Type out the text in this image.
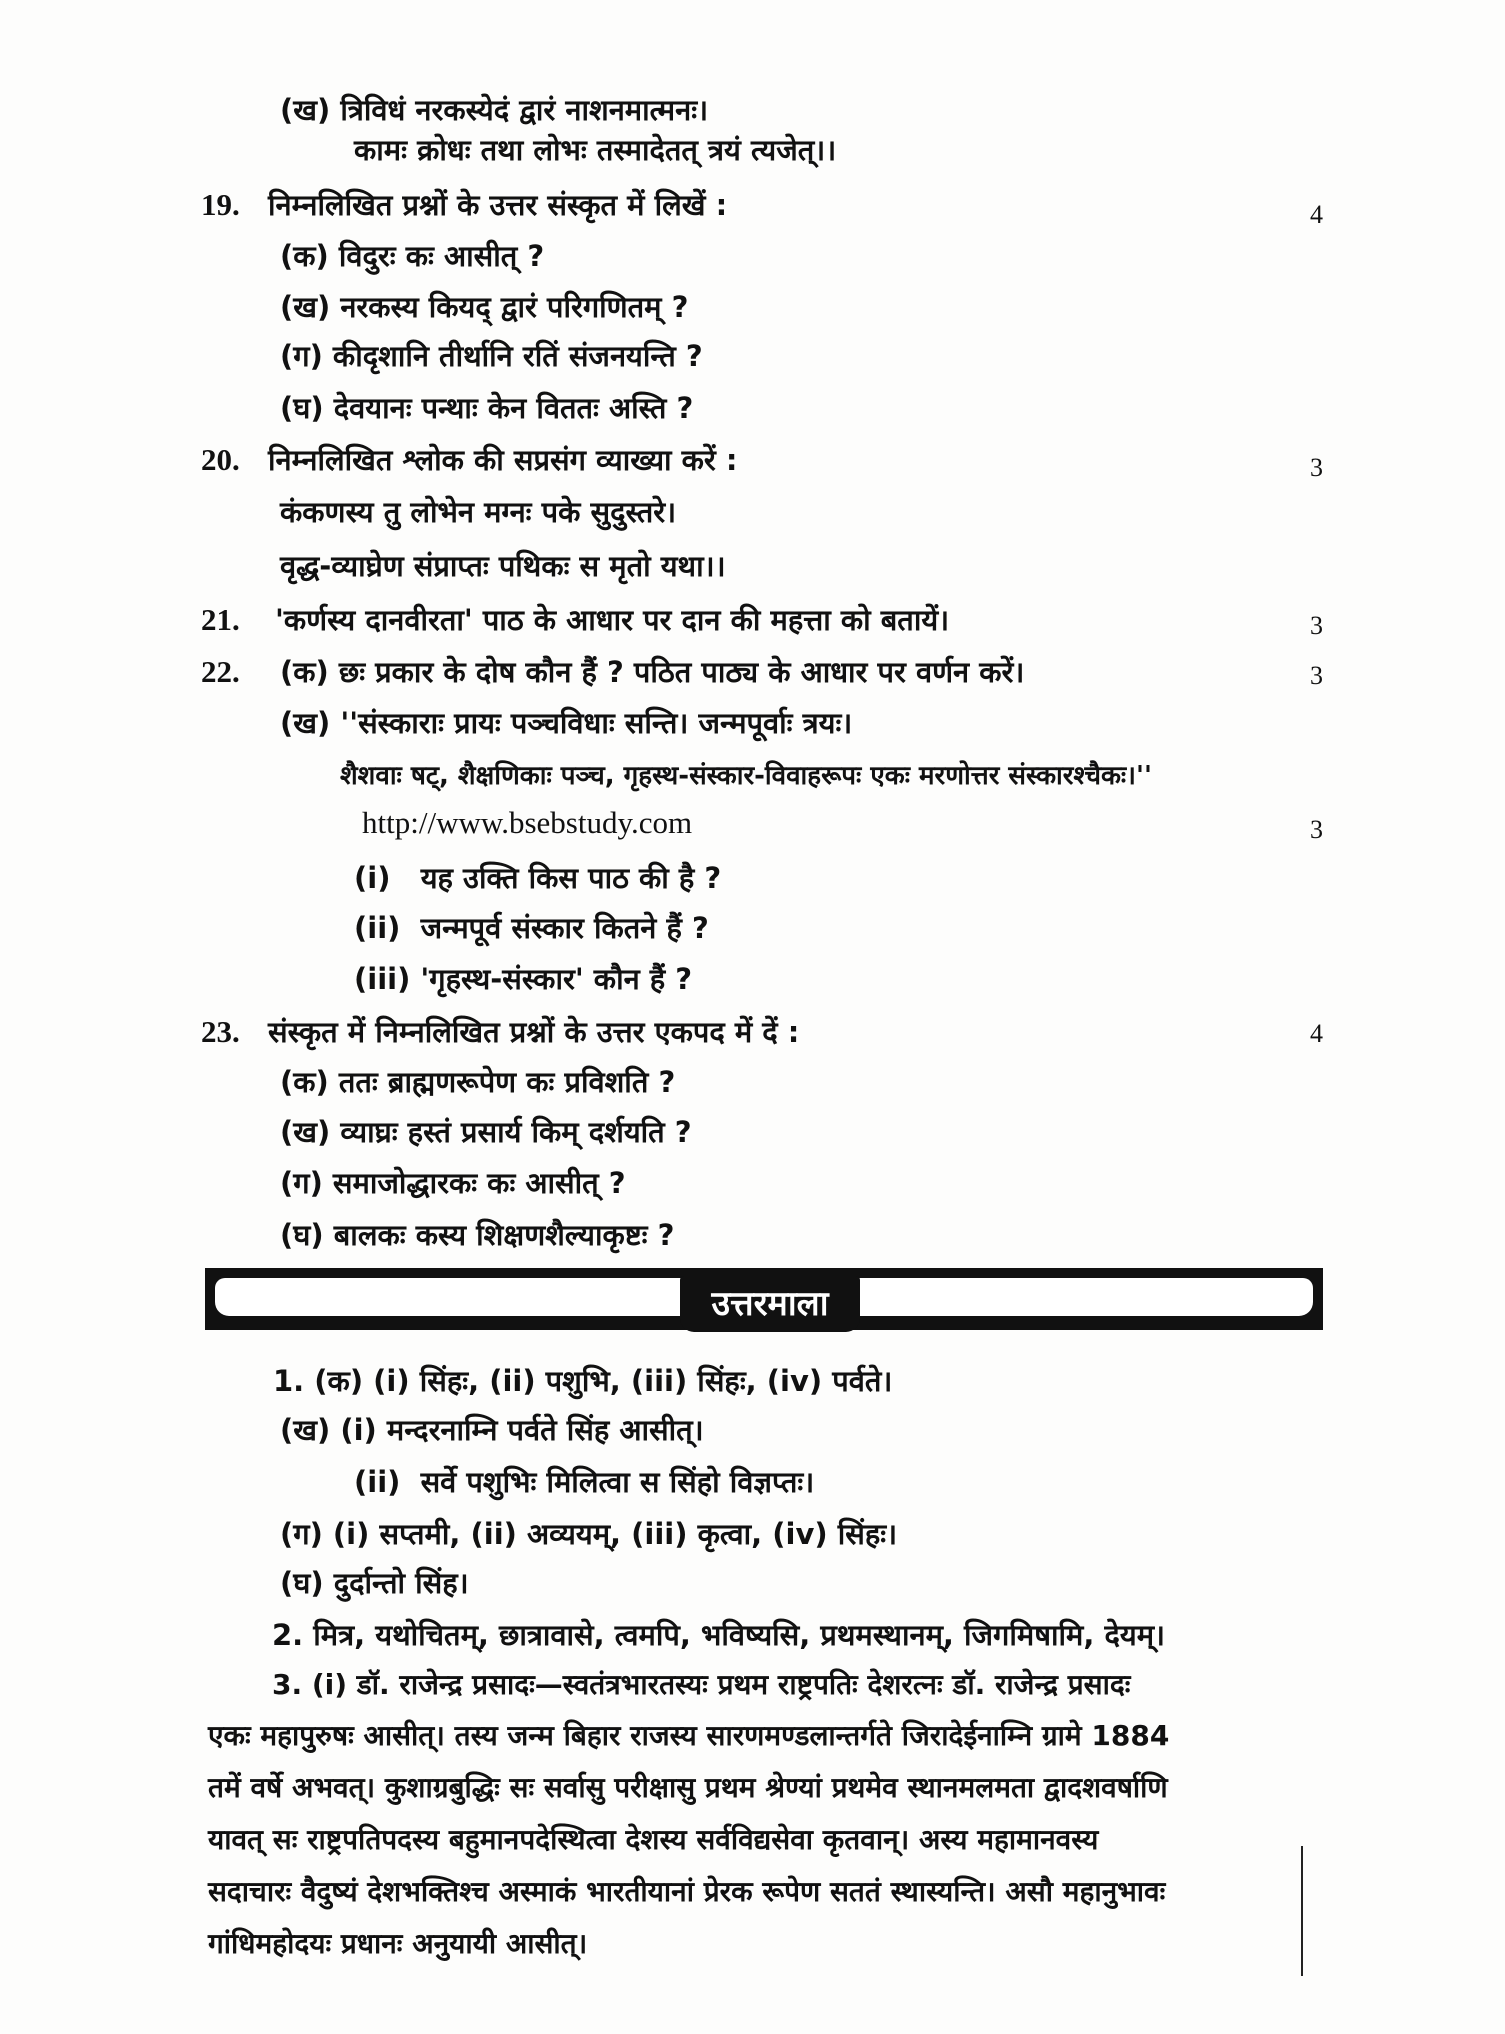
(ख) त्रिविधं नरकस्येदं द्वारं नाशनमात्मनः।
कामः क्रोधः तथा लोभः तस्मादेतत् त्रयं त्यजेत्।।
19. निम्नलिखित प्रश्नों के उत्तर संस्कृत में लिखें :	4
(क) विदुरः कः आसीत् ?
(ख) नरकस्य कियद् द्वारं परिगणितम् ?
(ग) कीदृशानि तीर्थानि रतिं संजनयन्ति ?
(घ) देवयानः पन्थाः केन विततः अस्ति ?
20. निम्नलिखित श्लोक की सप्रसंग व्याख्या करें :	3
कंकणस्य तु लोभेन मग्नः पके सुदुस्तरे।
वृद्ध-व्याघ्रेण संप्राप्तः पथिकः स मृतो यथा।।
21. 'कर्णस्य दानवीरता' पाठ के आधार पर दान की महत्ता को बतायें।	3
22. (क) छः प्रकार के दोष कौन हैं ? पठित पाठ्य के आधार पर वर्णन करें।	3
(ख) ''संस्काराः प्रायः पञ्चविधाः सन्ति। जन्मपूर्वाः त्रयः।
शैशवाः षट्, शैक्षणिकाः पञ्च, गृहस्थ-संस्कार-विवाहरूपः एकः मरणोत्तर संस्कारश्चैकः।''
http://www.bsebstudy.com	3
(i)   यह उक्ति किस पाठ की है ?
(ii)  जन्मपूर्व संस्कार कितने हैं ?
(iii) 'गृहस्थ-संस्कार' कौन हैं ?
23. संस्कृत में निम्नलिखित प्रश्नों के उत्तर एकपद में दें :	4
(क) ततः ब्राह्मणरूपेण कः प्रविशति ?
(ख) व्याघ्रः हस्तं प्रसार्य किम् दर्शयति ?
(ग) समाजोद्धारकः कः आसीत् ?
(घ) बालकः कस्य शिक्षणशैल्याकृष्टः ?
उत्तरमाला
1. (क) (i) सिंहः, (ii) पशुभि, (iii) सिंहः, (iv) पर्वते।
(ख) (i) मन्दरनाम्नि पर्वते सिंह आसीत्।
(ii)  सर्वे पशुभिः मिलित्वा स सिंहो विज्ञप्तः।
(ग) (i) सप्तमी, (ii) अव्ययम्, (iii) कृत्वा, (iv) सिंहः।
(घ) दुर्दान्तो सिंह।
2. मित्र, यथोचितम्, छात्रावासे, त्वमपि, भविष्यसि, प्रथमस्थानम्, जिगमिषामि, देयम्।
3. (i) डॉ. राजेन्द्र प्रसादः—स्वतंत्रभारतस्यः प्रथम राष्ट्रपतिः देशरत्नः डॉ. राजेन्द्र प्रसादः
एकः महापुरुषः आसीत्। तस्य जन्म बिहार राजस्य सारणमण्डलान्तर्गते जिरादेईनाम्नि ग्रामे 1884
तमें वर्षे अभवत्। कुशाग्रबुद्धिः सः सर्वासु परीक्षासु प्रथम श्रेण्यां प्रथमेव स्थानमलमता द्वादशवर्षाणि
यावत् सः राष्ट्रपतिपदस्य बहुमानपदेस्थित्वा देशस्य सर्वविद्यसेवा कृतवान्। अस्य महामानवस्य
सदाचारः वैदुष्यं देशभक्तिश्च अस्माकं भारतीयानां प्रेरक रूपेण सततं स्थास्यन्ति। असौ महानुभावः
गांधिमहोदयः प्रधानः अनुयायी आसीत्।
